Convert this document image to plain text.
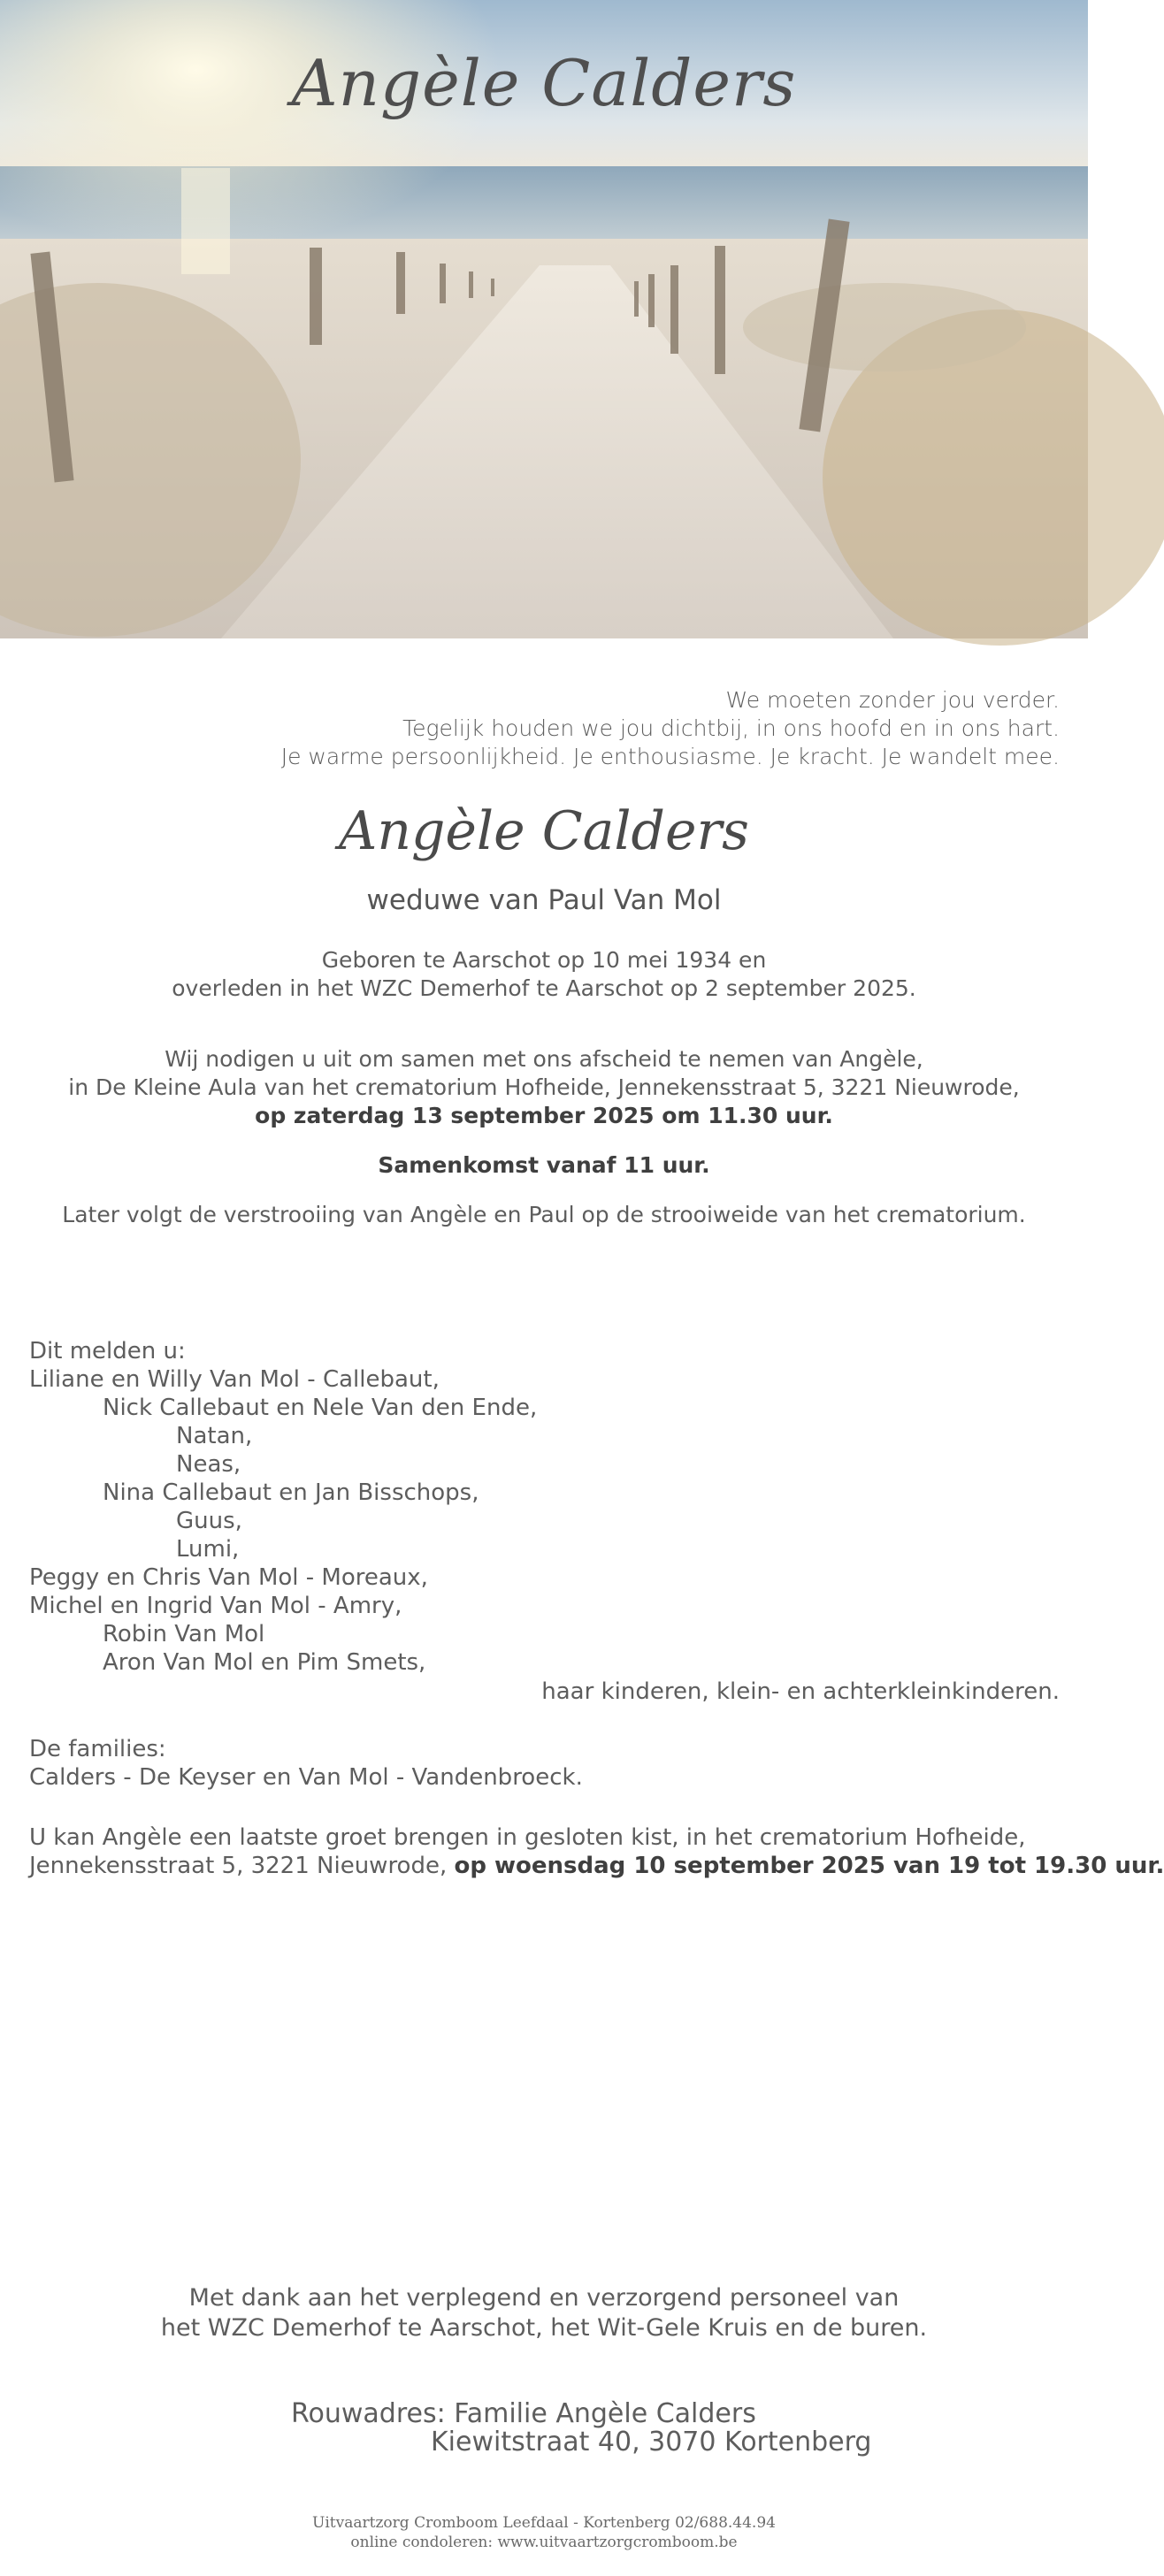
Angèle Calders
We moeten zonder jou verder.
Tegelijk houden we jou dichtbij, in ons hoofd en in ons hart.
Je warme persoonlijkheid. Je enthousiasme. Je kracht. Je wandelt mee.
Angèle Calders
weduwe van Paul Van Mol
Geboren te Aarschot op 10 mei 1934 en
overleden in het WZC Demerhof te Aarschot op 2 september 2025.
Wij nodigen u uit om samen met ons afscheid te nemen van Angèle,
in De Kleine Aula van het crematorium Hofheide, Jennekensstraat 5, 3221 Nieuwrode,
op zaterdag 13 september 2025 om 11.30 uur.
Samenkomst vanaf 11 uur.
Later volgt de verstrooiing van Angèle en Paul op de strooiweide van het crematorium.
Dit melden u:
Liliane en Willy Van Mol - Callebaut,
Nick Callebaut en Nele Van den Ende,
Natan,
Neas,
Nina Callebaut en Jan Bisschops,
Guus,
Lumi,
Peggy en Chris Van Mol - Moreaux,
Michel en Ingrid Van Mol - Amry,
Robin Van Mol
Aron Van Mol en Pim Smets,
haar kinderen, klein- en achterkleinkinderen.
De families:
Calders - De Keyser en Van Mol - Vandenbroeck.
U kan Angèle een laatste groet brengen in gesloten kist, in het crematorium Hofheide,
Jennekensstraat 5, 3221 Nieuwrode, op woensdag 10 september 2025 van 19 tot 19.30 uur.
Met dank aan het verplegend en verzorgend personeel van
het WZC Demerhof te Aarschot, het Wit-Gele Kruis en de buren.
Rouwadres: Familie Angèle Calders
Kiewitstraat 40, 3070 Kortenberg
Uitvaartzorg Cromboom Leefdaal - Kortenberg 02/688.44.94
online condoleren: www.uitvaartzorgcromboom.be
